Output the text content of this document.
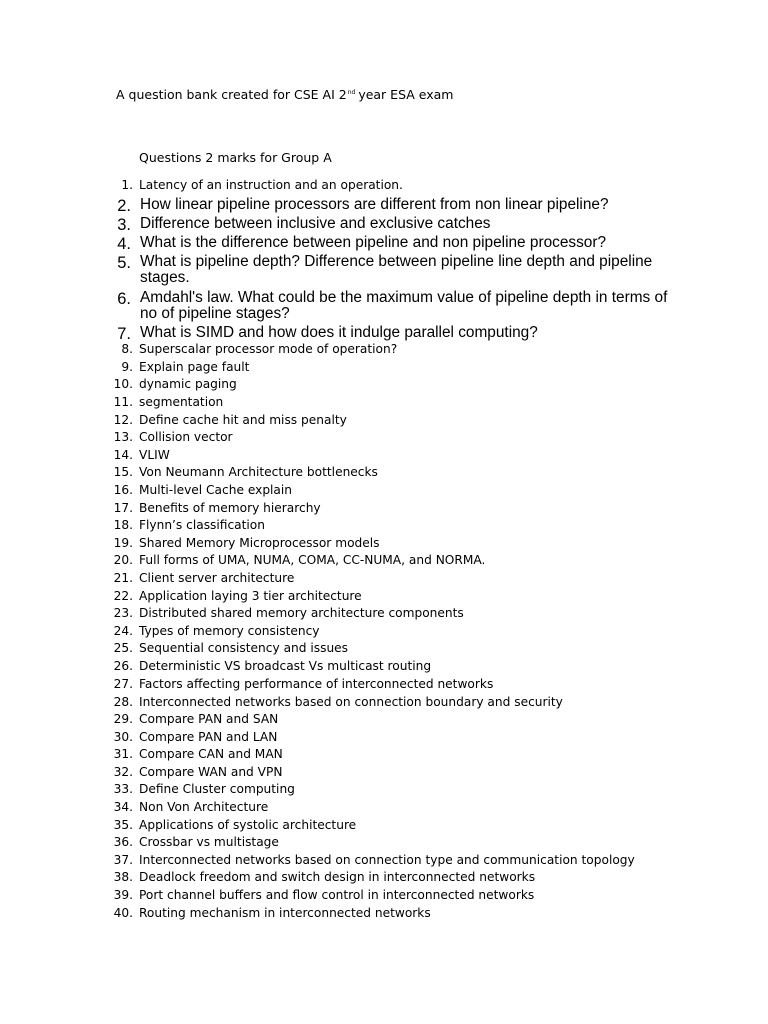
A question bank created for CSE AI 2nd year ESA exam
Questions 2 marks for Group A
1. Latency of an instruction and an operation.
2. How linear pipeline processors are different from non linear pipeline?
3. Difference between inclusive and exclusive catches
4. What is the difference between pipeline and non pipeline processor?
5. What is pipeline depth? Difference between pipeline line depth and pipeline
stages.
6. Amdahl's law. What could be the maximum value of pipeline depth in terms of
no of pipeline stages?
7. What is SIMD and how does it indulge parallel computing?
8. Superscalar processor mode of operation?
9. Explain page fault
10. dynamic paging
11. segmentation
12. Define cache hit and miss penalty
13. Collision vector
14. VLIW
15. Von Neumann Architecture bottlenecks
16. Multi-level Cache explain
17. Benefits of memory hierarchy
18. Flynn’s classification
19. Shared Memory Microprocessor models
20. Full forms of UMA, NUMA, COMA, CC-NUMA, and NORMA.
21. Client server architecture
22. Application laying 3 tier architecture
23. Distributed shared memory architecture components
24. Types of memory consistency
25. Sequential consistency and issues
26. Deterministic VS broadcast Vs multicast routing
27. Factors affecting performance of interconnected networks
28. Interconnected networks based on connection boundary and security
29. Compare PAN and SAN
30. Compare PAN and LAN
31. Compare CAN and MAN
32. Compare WAN and VPN
33. Define Cluster computing
34. Non Von Architecture
35. Applications of systolic architecture
36. Crossbar vs multistage
37. Interconnected networks based on connection type and communication topology
38. Deadlock freedom and switch design in interconnected networks
39. Port channel buffers and flow control in interconnected networks
40. Routing mechanism in interconnected networks
